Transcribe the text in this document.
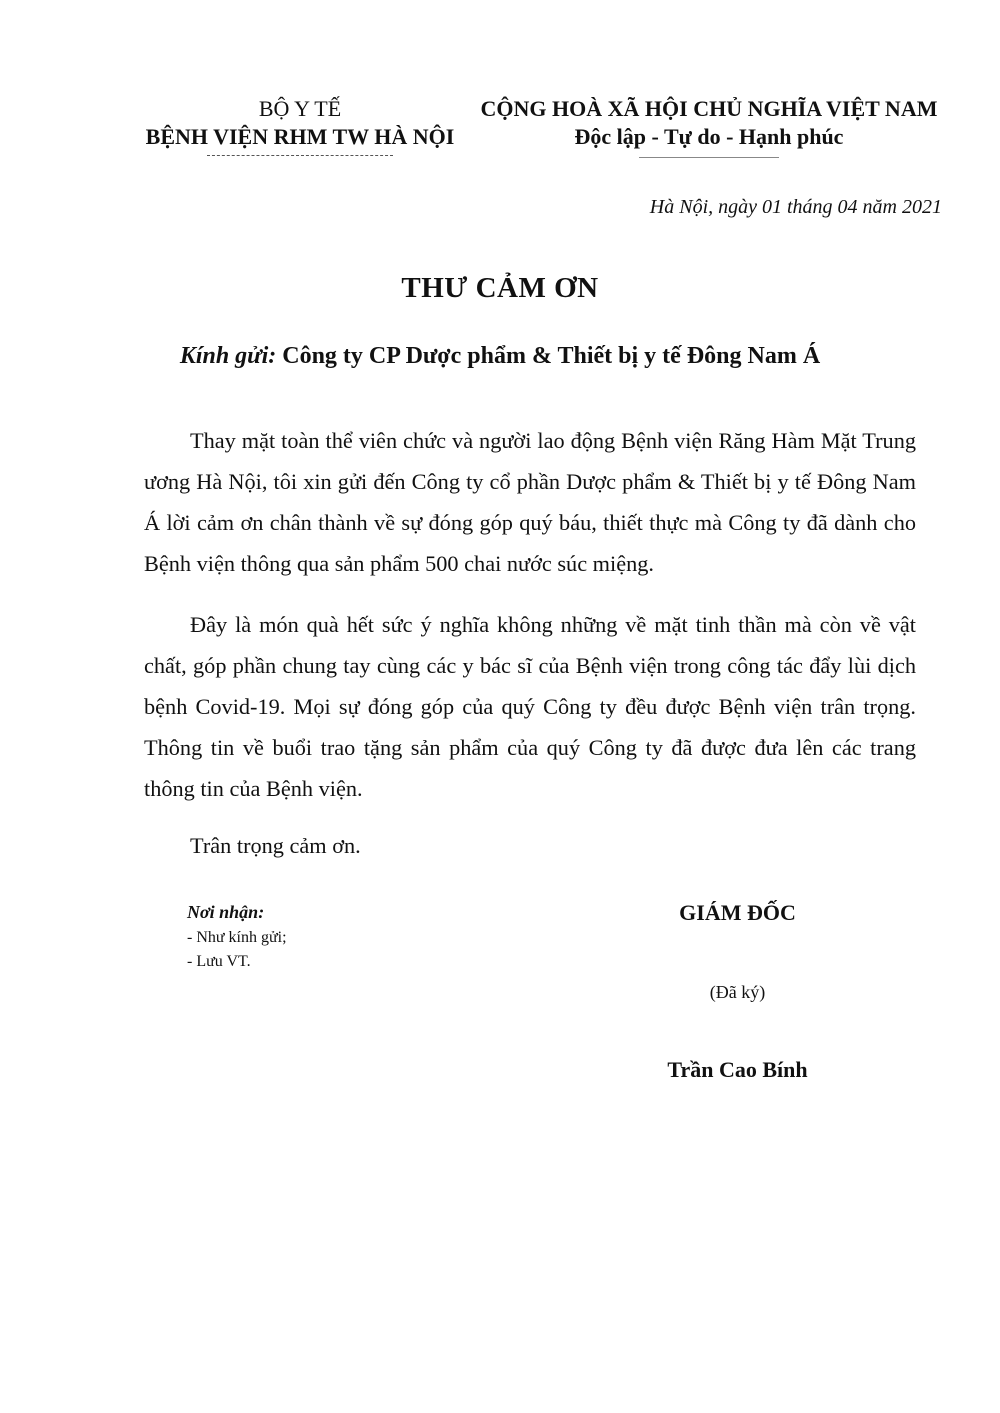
BỘ Y TẾ
BỆNH VIỆN RHM TW HÀ NỘI
CỘNG HOÀ XÃ HỘI CHỦ NGHĨA VIỆT NAM
Độc lập - Tự do - Hạnh phúc
Hà Nội, ngày 01 tháng 04 năm 2021
THƯ CẢM ƠN
Kính gửi: Công ty CP Dược phẩm & Thiết bị y tế Đông Nam Á

Thay mặt toàn thể viên chức và người lao động Bệnh viện Răng Hàm Mặt Trung ương Hà Nội, tôi xin gửi đến Công ty cổ phần Dược phẩm & Thiết bị y tế Đông Nam Á lời cảm ơn chân thành về sự đóng góp quý báu, thiết thực mà Công ty đã dành cho Bệnh viện thông qua sản phẩm 500 chai nước súc miệng.

Đây là món quà hết sức ý nghĩa không những về mặt tinh thần mà còn về vật chất, góp phần chung tay cùng các y bác sĩ của Bệnh viện trong công tác đẩy lùi dịch bệnh Covid-19. Mọi sự đóng góp của quý Công ty đều được Bệnh viện trân trọng. Thông tin về buổi trao tặng sản phẩm của quý Công ty đã được đưa lên các trang thông tin của Bệnh viện.

Trân trọng cảm ơn.
Nơi nhận:
- Như kính gửi;
- Lưu VT.
GIÁM ĐỐC
(Đã ký)
Trần Cao Bính
